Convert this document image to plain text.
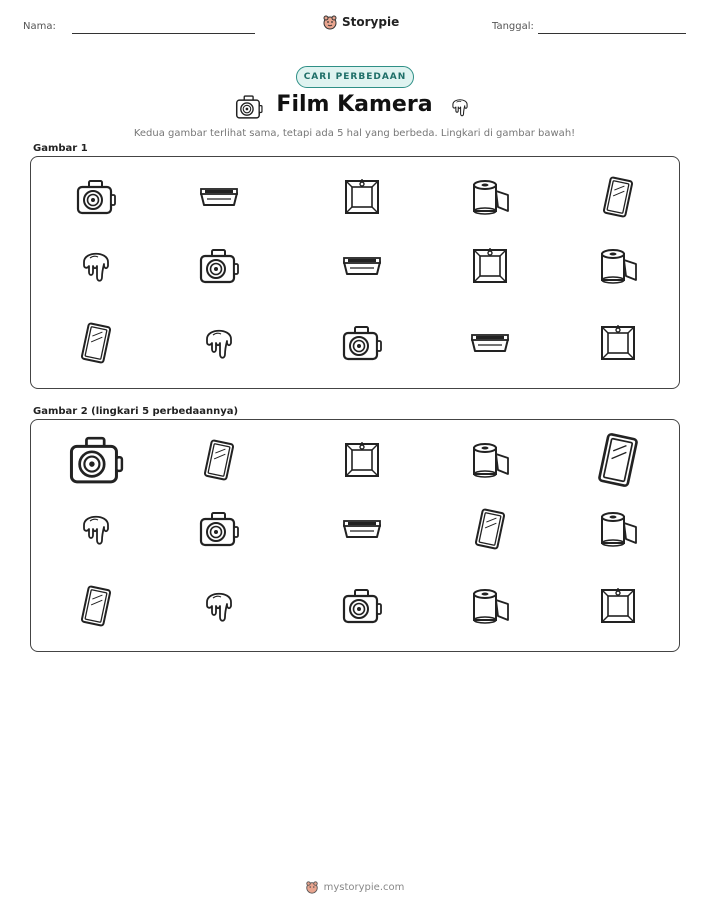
Nama:	Storypie	Tanggal:
CARI PERBEDAAN
Film Kamera
Kedua gambar terlihat sama, tetapi ada 5 hal yang berbeda. Lingkari di gambar bawah!
Gambar 1
Gambar 2 (lingkari 5 perbedaannya)
mystorypie.com
